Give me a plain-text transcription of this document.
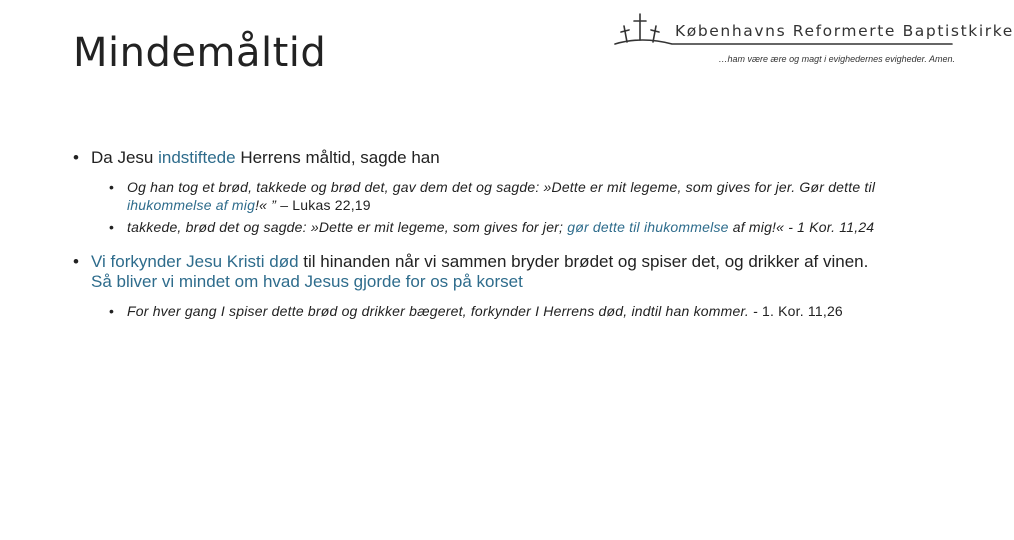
Mindemåltid	Københavns Reformerte Baptistkirke
…ham være ære og magt i evighedernes evigheder. Amen.
• Da Jesu indstiftede Herrens måltid, sagde han
• Og han tog et brød, takkede og brød det, gav dem det og sagde: »Dette er mit legeme, som gives for jer. Gør dette til ihukommelse af mig!« ” – Lukas 22,19
• takkede, brød det og sagde: »Dette er mit legeme, som gives for jer; gør dette til ihukommelse af mig!« - 1 Kor. 11,24
• Vi forkynder Jesu Kristi død til hinanden når vi sammen bryder brødet og spiser det, og drikker af vinen. Så bliver vi mindet om hvad Jesus gjorde for os på korset
• For hver gang I spiser dette brød og drikker bægeret, forkynder I Herrens død, indtil han kommer. - 1. Kor. 11,26
